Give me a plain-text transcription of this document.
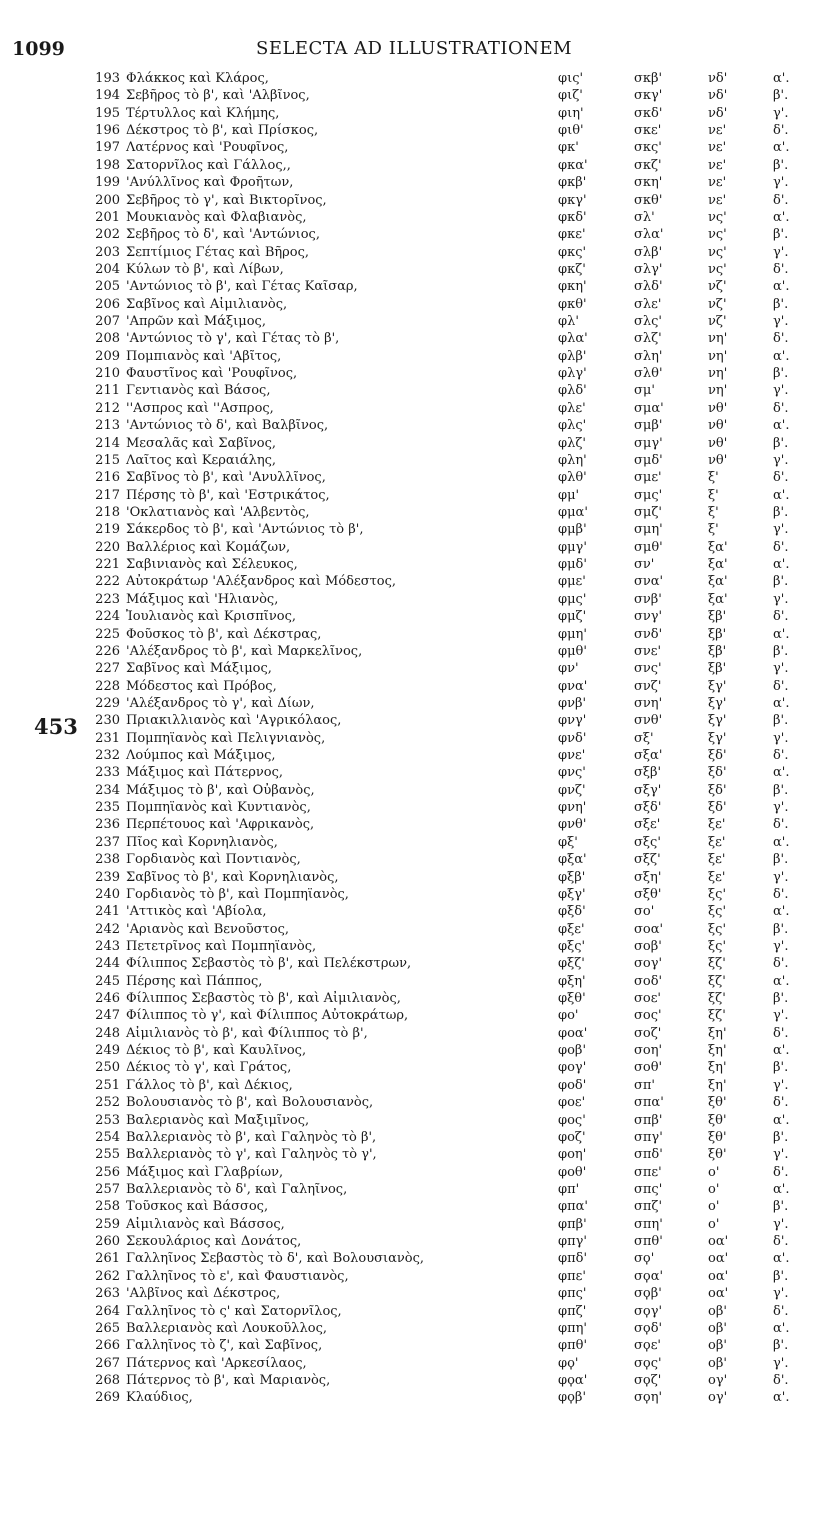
1099	SELECTA AD ILLUSTRATIONEM
453
193 Φλάκκος καὶ Κλάρος,	φις'	σκβ'	νδ'	α'.
194 Σεβῆρος τὸ β', καὶ 'Αλβῖνος,	φιζ'	σκγ'	νδ'	β'.
195 Τέρτυλλος καὶ Κλήμης,	φιη'	σκδ'	νδ'	γ'.
196 Δέκστρος τὸ β', καὶ Πρίσκος,	φιθ'	σκε'	νε'	δ'.
197 Λατέρνος καὶ 'Ρουφῖνος,	φκ'	σκς'	νε'	α'.
198 Σατορνῖλος καὶ Γάλλος,,	φκα'	σκζ'	νε'	β'.
199 'Ανύλλῖνος καὶ Φροῆτων,	φκβ'	σκη'	νε'	γ'.
200 Σεβῆρος τὸ γ', καὶ Βικτορῖνος,	φκγ'	σκθ'	νε'	δ'.
201 Μουκιανὸς καὶ Φλαβιανὸς,	φκδ'	σλ'	νς'	α'.
202 Σεβῆρος τὸ δ', καὶ 'Αντώνιος,	φκε'	σλα'	νς'	β'.
203 Σεπτίμιος Γέτας καὶ Βῆρος,	φκς'	σλβ'	νς'	γ'.
204 Κύλων τὸ β', καὶ Λίβων,	φκζ'	σλγ'	νς'	δ'.
205 'Αντώνιος τὸ β', καὶ Γέτας Καῖσαρ,	φκη'	σλδ'	νζ'	α'.
206 Σαβῖνος καὶ Αἰμιλιανὸς,	φκθ'	σλε'	νζ'	β'.
207 'Απρῶν καὶ Μάξιμος,	φλ'	σλς'	νζ'	γ'.
208 'Αντώνιος τὸ γ', καὶ Γέτας τὸ β',	φλα'	σλζ'	νη'	δ'.
209 Πομπιανὸς καὶ 'Αβῖτος,	φλβ'	σλη'	νη'	α'.
210 Φαυστῖνος καὶ 'Ρουφῖνος,	φλγ'	σλθ'	νη'	β'.
211 Γεντιανὸς καὶ Βάσος,	φλδ'	σμ'	νη'	γ'.
212 ''Ασπρος καὶ ''Ασπρος,	φλε'	σμα'	νθ'	δ'.
213 'Αντώνιος τὸ δ', καὶ Βαλβῖνος,	φλς'	σμβ'	νθ'	α'.
214 Μεσαλᾶς καὶ Σαβῖνος,	φλζ'	σμγ'	νθ'	β'.
215 Λαῖτος καὶ Κεραιάλης,	φλη'	σμδ'	νθ'	γ'.
216 Σαβῖνος τὸ β', καὶ 'Ανυλλῖνος,	φλθ'	σμε'	ξ'	δ'.
217 Πέρσης τὸ β', καὶ 'Εστρικάτος,	φμ'	σμς'	ξ'	α'.
218 'Οκλατιανὸς καὶ 'Αλβεντὸς,	φμα'	σμζ'	ξ'	β'.
219 Σάκερδος τὸ β', καὶ 'Αντώνιος τὸ β',	φμβ'	σμη'	ξ'	γ'.
220 Βαλλέριος καὶ Κομάζων,	φμγ'	σμθ'	ξα'	δ'.
221 Σαβινιανὸς καὶ Σέλευκος,	φμδ'	σν'	ξα'	α'.
222 Αὐτοκράτωρ 'Αλέξανδρος καὶ Μόδεστος,	φμε'	σνα'	ξα'	β'.
223 Μάξιμος καὶ 'Ηλιανὸς,	φμς'	σνβ'	ξα'	γ'.
224 Ἰουλιανὸς καὶ Κρισπῖνος,	φμζ'	σνγ'	ξβ'	δ'.
225 Φοῦσκος τὸ β', καὶ Δέκστρας,	φμη'	σνδ'	ξβ'	α'.
226 'Αλέξανδρος τὸ β', καὶ Μαρκελῖνος,	φμθ'	σνε'	ξβ'	β'.
227 Σαβῖνος καὶ Μάξιμος,	φν'	σνς'	ξβ'	γ'.
228 Μόδεστος καὶ Πρόβος,	φνα'	σνζ'	ξγ'	δ'.
229 'Αλέξανδρος τὸ γ', καὶ Δίων,	φνβ'	σνη'	ξγ'	α'.
230 Πριακιλλιανὸς καὶ 'Αγρικόλαος,	φνγ'	σνθ'	ξγ'	β'.
231 Πομπηϊανὸς καὶ Πελιγνιανὸς,	φνδ'	σξ'	ξγ'	γ'.
232 Λούμπος καὶ Μάξιμος,	φνε'	σξα'	ξδ'	δ'.
233 Μάξιμος καὶ Πάτερνος,	φνς'	σξβ'	ξδ'	α'.
234 Μάξιμος τὸ β', καὶ Οὐβανὸς,	φνζ'	σξγ'	ξδ'	β'.
235 Πομπηϊανὸς καὶ Κυντιανὸς,	φνη'	σξδ'	ξδ'	γ'.
236 Περπέτουος καὶ 'Αφρικανὸς,	φνθ'	σξε'	ξε'	δ'.
237 Πῖος καὶ Κορνηλιανὸς,	φξ'	σξς'	ξε'	α'.
238 Γορδιανὸς καὶ Ποντιανὸς,	φξα'	σξζ'	ξε'	β'.
239 Σαβῖνος τὸ β', καὶ Κορνηλιανὸς,	φξβ'	σξη'	ξε'	γ'.
240 Γορδιανὸς τὸ β', καὶ Πομπηϊανὸς,	φξγ'	σξθ'	ξς'	δ'.
241 'Αττικὸς καὶ 'Αβίολα,	φξδ'	σο'	ξς'	α'.
242 'Αριανὸς καὶ Βενοῦστος,	φξε'	σοα'	ξς'	β'.
243 Πετετρῖνος καὶ Πομπηϊανὸς,	φξς'	σοβ'	ξς'	γ'.
244 Φίλιππος Σεβαστὸς τὸ β', καὶ Πελέκστρων,	φξζ'	σογ'	ξζ'	δ'.
245 Πέρσης καὶ Πάππος,	φξη'	σοδ'	ξζ'	α'.
246 Φίλιππος Σεβαστὸς τὸ β', καὶ Αἰμιλιανὸς,	φξθ'	σοε'	ξζ'	β'.
247 Φίλιππος τὸ γ', καὶ Φίλιππος Αὐτοκράτωρ,	φο'	σος'	ξζ'	γ'.
248 Αἰμιλιανὸς τὸ β', καὶ Φίλιππος τὸ β',	φοα'	σοζ'	ξη'	δ'.
249 Δέκιος τὸ β', καὶ Καυλῖνος,	φοβ'	σοη'	ξη'	α'.
250 Δέκιος τὸ γ', καὶ Γράτος,	φογ'	σοθ'	ξη'	β'.
251 Γάλλος τὸ β', καὶ Δέκιος,	φοδ'	σπ'	ξη'	γ'.
252 Βολουσιανὸς τὸ β', καὶ Βολουσιανὸς,	φοε'	σπα'	ξθ'	δ'.
253 Βαλεριανὸς καὶ Μαξιμῖνος,	φος'	σπβ'	ξθ'	α'.
254 Βαλλεριανὸς τὸ β', καὶ Γαληνὸς τὸ β',	φοζ'	σπγ'	ξθ'	β'.
255 Βαλλεριανὸς τὸ γ', καὶ Γαληνὸς τὸ γ',	φοη'	σπδ'	ξθ'	γ'.
256 Μάξιμος καὶ Γλαβρίων,	φοθ'	σπε'	ο'	δ'.
257 Βαλλεριανὸς τὸ δ', καὶ Γαληῖνος,	φπ'	σπς'	ο'	α'.
258 Τοῦσκος καὶ Βάσσος,	φπα'	σπζ'	ο'	β'.
259 Αἰμιλιανὸς καὶ Βάσσος,	φπβ'	σπη'	ο'	γ'.
260 Σεκουλάριος καὶ Δονάτος,	φπγ'	σπθ'	οα'	δ'.
261 Γαλληῖνος Σεβαστὸς τὸ δ', καὶ Βολουσιανὸς,	φπδ'	σϙ'	οα'	α'.
262 Γαλληῖνος τὸ ε', καὶ Φαυστιανὸς,	φπε'	σϙα'	οα'	β'.
263 'Αλβῖνος καὶ Δέκστρος,	φπς'	σϙβ'	οα'	γ'.
264 Γαλληῖνος τὸ ς' καὶ Σατορνῖλος,	φπζ'	σϙγ'	οβ'	δ'.
265 Βαλλεριανὸς καὶ Λουκοῦλλος,	φπη'	σϙδ'	οβ'	α'.
266 Γαλληῖνος τὸ ζ', καὶ Σαβῖνος,	φπθ'	σϙε'	οβ'	β'.
267 Πάτερνος καὶ 'Αρκεσίλαος,	φϙ'	σϙς'	οβ'	γ'.
268 Πάτερνος τὸ β', καὶ Μαριανὸς,	φϙα'	σϙζ'	ογ'	δ'.
269 Κλαύδιος,	φϙβ'	σϙη'	ογ'	α'.
